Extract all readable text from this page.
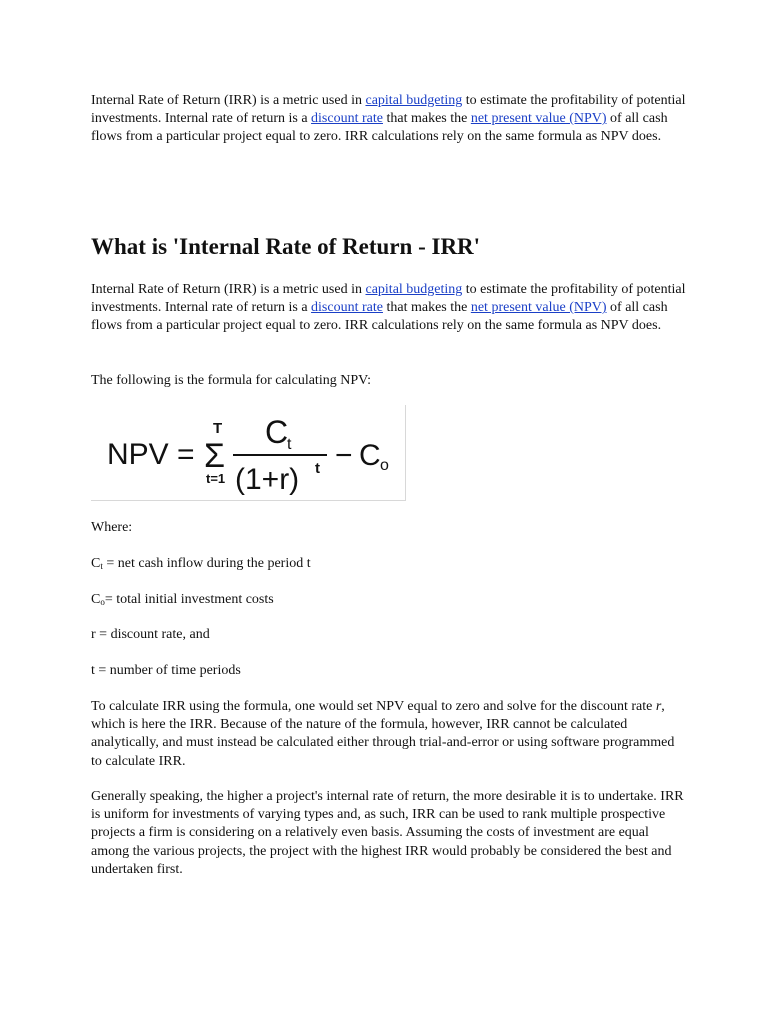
Internal Rate of Return (IRR) is a metric used in capital budgeting to estimate the profitability of potential investments. Internal rate of return is a discount rate that makes the net present value (NPV) of all cash flows from a particular project equal to zero. IRR calculations rely on the same formula as NPV does.

What is 'Internal Rate of Return - IRR'

Internal Rate of Return (IRR) is a metric used in capital budgeting to estimate the profitability of potential investments. Internal rate of return is a discount rate that makes the net present value (NPV) of all cash flows from a particular project equal to zero. IRR calculations rely on the same formula as NPV does.

The following is the formula for calculating NPV:

NPV =
T
Σ
t=1
C
t
(1+r) t − C o

Where:

$C_t$ = net cash inflow during the period t

$C_o=$ total initial investment costs

r = discount rate, and

t = number of time periods

To calculate IRR using the formula, one would set NPV equal to zero and solve for the discount rate r, which is here the IRR. Because of the nature of the formula, however, IRR cannot be calculated analytically, and must instead be calculated either through trial-and-error or using software programmed to calculate IRR.

Generally speaking, the higher a project's internal rate of return, the more desirable it is to undertake. IRR is uniform for investments of varying types and, as such, IRR can be used to rank multiple prospective projects a firm is considering on a relatively even basis. Assuming the costs of investment are equal among the various projects, the project with the highest IRR would probably be considered the best and undertaken first.
